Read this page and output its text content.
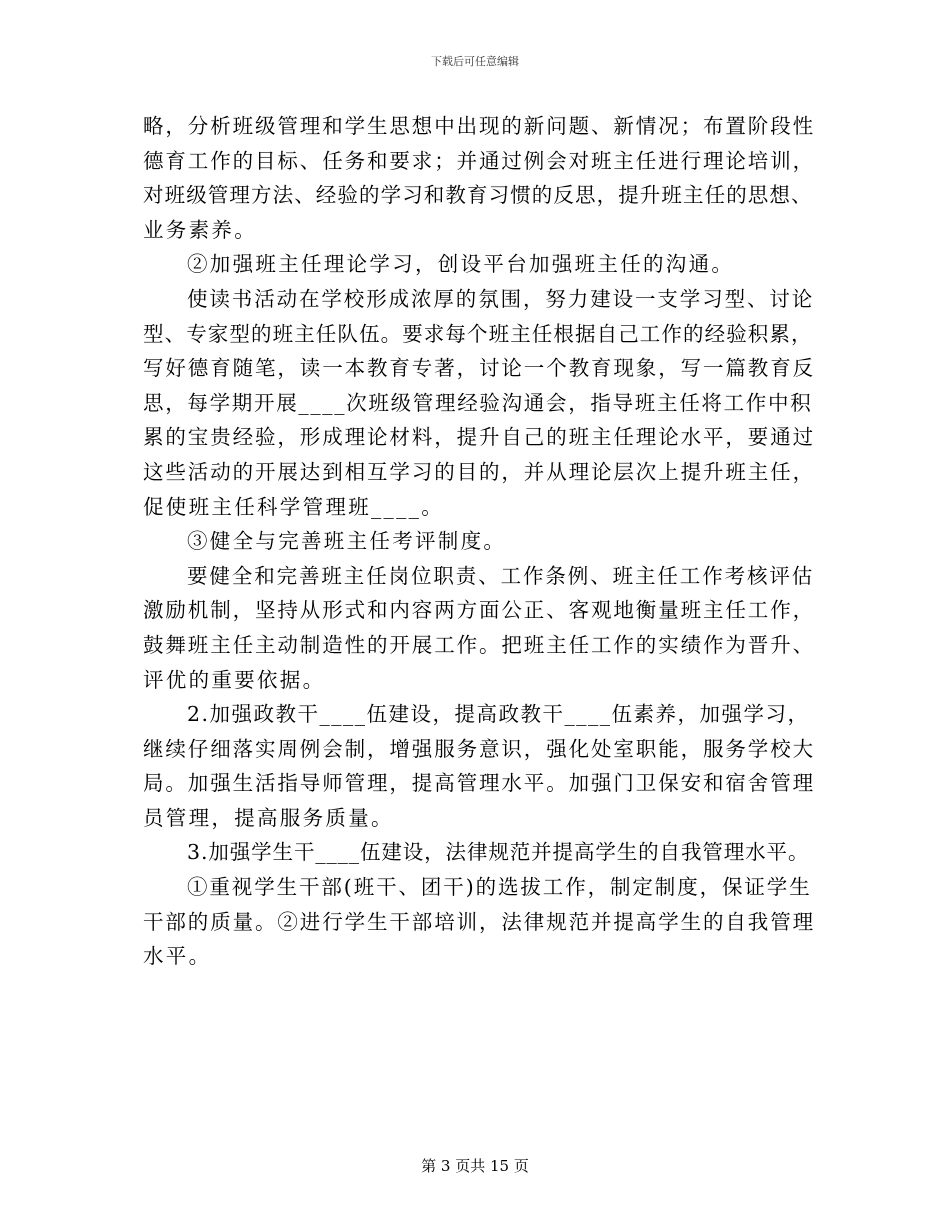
下载后可任意编辑
略，分析班级管理和学生思想中出现的新问题、新情况；布置阶段性
德育工作的目标、任务和要求；并通过例会对班主任进行理论培训，
对班级管理方法、经验的学习和教育习惯的反思，提升班主任的思想、
业务素养。
②加强班主任理论学习，创设平台加强班主任的沟通。
使读书活动在学校形成浓厚的氛围，努力建设一支学习型、讨论
型、专家型的班主任队伍。要求每个班主任根据自己工作的经验积累，
写好德育随笔，读一本教育专著，讨论一个教育现象，写一篇教育反
思，每学期开展____次班级管理经验沟通会，指导班主任将工作中积
累的宝贵经验，形成理论材料，提升自己的班主任理论水平，要通过
这些活动的开展达到相互学习的目的，并从理论层次上提升班主任，
促使班主任科学管理班____。
③健全与完善班主任考评制度。
要健全和完善班主任岗位职责、工作条例、班主任工作考核评估
激励机制，坚持从形式和内容两方面公正、客观地衡量班主任工作，
鼓舞班主任主动制造性的开展工作。把班主任工作的实绩作为晋升、
评优的重要依据。
2.加强政教干____伍建设，提高政教干____伍素养，加强学习，
继续仔细落实周例会制，增强服务意识，强化处室职能，服务学校大
局。加强生活指导师管理，提高管理水平。加强门卫保安和宿舍管理
员管理，提高服务质量。
3.加强学生干____伍建设，法律规范并提高学生的自我管理水平。
①重视学生干部(班干、团干)的选拔工作，制定制度，保证学生
干部的质量。②进行学生干部培训，法律规范并提高学生的自我管理
水平。
第 3 页共 15 页
